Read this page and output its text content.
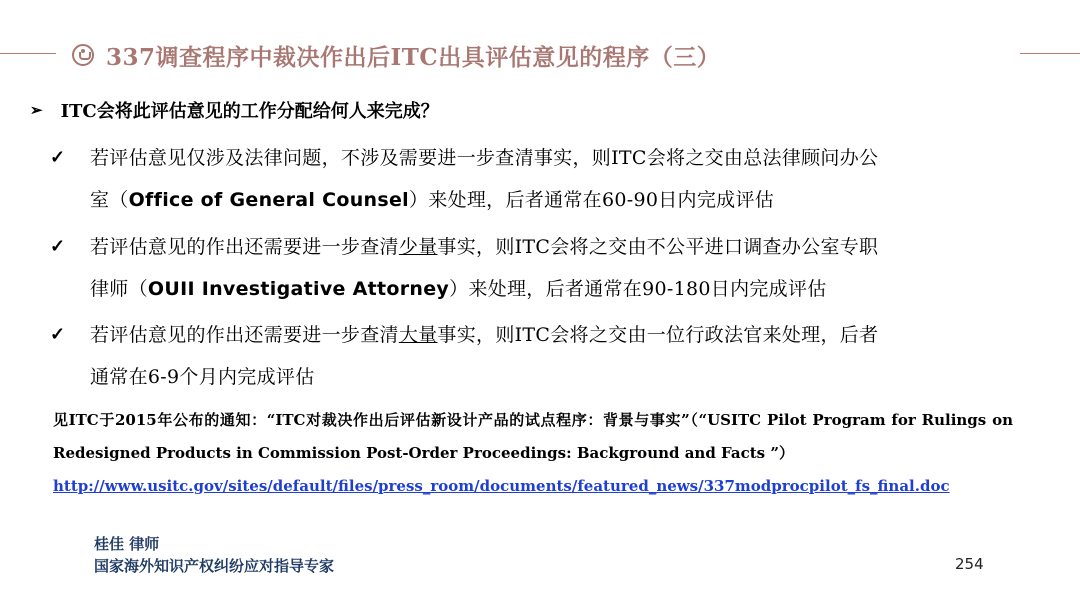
337调查程序中裁决作出后ITC出具评估意见的程序（三）
➢ ITC会将此评估意见的工作分配给何人来完成？
✓ 若评估意见仅涉及法律问题，不涉及需要进一步查清事实，则ITC会将之交由总法律顾问办公
室（Office of General Counsel）来处理，后者通常在60-90日内完成评估
✓ 若评估意见的作出还需要进一步查清少量事实，则ITC会将之交由不公平进口调查办公室专职
律师（OUII Investigative Attorney）来处理，后者通常在90-180日内完成评估
✓ 若评估意见的作出还需要进一步查清大量事实，则ITC会将之交由一位行政法官来处理，后者
通常在6-9个月内完成评估
见ITC于2015年公布的通知：“ITC对裁决作出后评估新设计产品的试点程序：背景与事实”（“USITC Pilot Program for Rulings on Redesigned Products in Commission Post-Order Proceedings: Background and Facts ”）
http://www.usitc.gov/sites/default/files/press_room/documents/featured_news/337modprocpilot_fs_final.doc
桂佳 律师
国家海外知识产权纠纷应对指导专家	254
